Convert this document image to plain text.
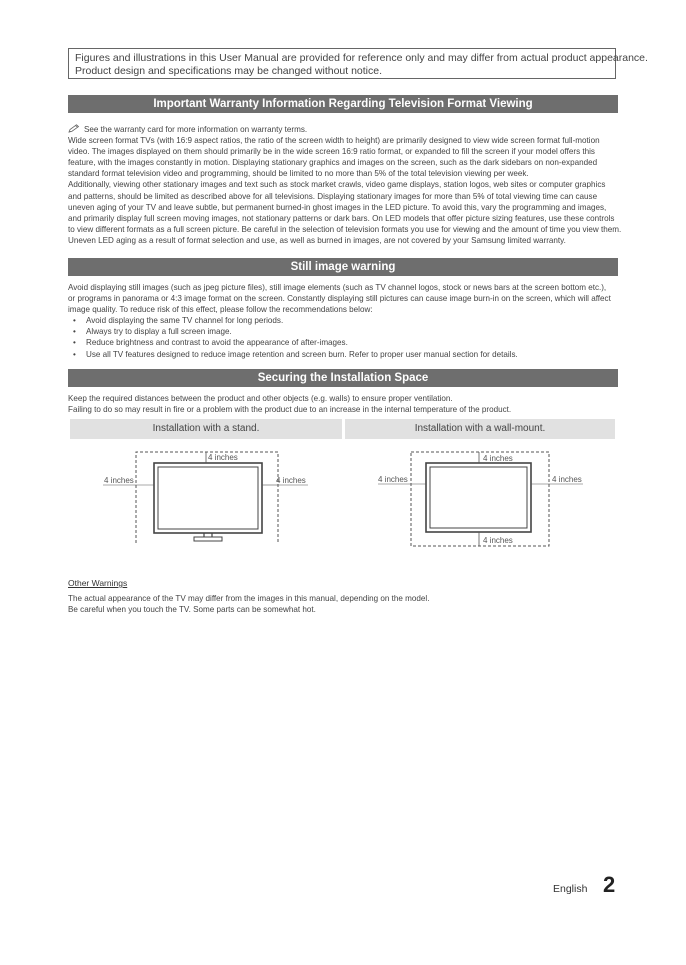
Figures and illustrations in this User Manual are provided for reference only and may differ from actual product appearance.
Product design and specifications may be changed without notice.
Important Warranty Information Regarding Television Format Viewing
See the warranty card for more information on warranty terms.
Wide screen format TVs (with 16:9 aspect ratios, the ratio of the screen width to height) are primarily designed to view wide screen format full-motion
video. The images displayed on them should primarily be in the wide screen 16:9 ratio format, or expanded to fill the screen if your model offers this
feature, with the images constantly in motion. Displaying stationary graphics and images on the screen, such as the dark sidebars on non-expanded
standard format television video and programming, should be limited to no more than 5% of the total television viewing per week.
Additionally, viewing other stationary images and text such as stock market crawls, video game displays, station logos, web sites or computer graphics
and patterns, should be limited as described above for all televisions. Displaying stationary images for more than 5% of total viewing time can cause
uneven aging of your TV and leave subtle, but permanent burned-in ghost images in the LED picture. To avoid this, vary the programming and images,
and primarily display full screen moving images, not stationary patterns or dark bars. On LED models that offer picture sizing features, use these controls
to view different formats as a full screen picture. Be careful in the selection of television formats you use for viewing and the amount of time you view them.
Uneven LED aging as a result of format selection and use, as well as burned in images, are not covered by your Samsung limited warranty.
Still image warning
Avoid displaying still images (such as jpeg picture files), still image elements (such as TV channel logos, stock or news bars at the screen bottom etc.),
or programs in panorama or 4:3 image format on the screen. Constantly displaying still pictures can cause image burn-in on the screen, which will affect
image quality. To reduce risk of this effect, please follow the recommendations below:
• Avoid displaying the same TV channel for long periods.
• Always try to display a full screen image.
• Reduce brightness and contrast to avoid the appearance of after-images.
• Use all TV features designed to reduce image retention and screen burn. Refer to proper user manual section for details.
Securing the Installation Space
Keep the required distances between the product and other objects (e.g. walls) to ensure proper ventilation.
Failing to do so may result in fire or a problem with the product due to an increase in the internal temperature of the product.
Installation with a stand.	Installation with a wall-mount.
4 inches
4 inches	4 inches
4 inches
4 inches	4 inches
4 inches
Other Warnings
The actual appearance of the TV may differ from the images in this manual, depending on the model.
Be careful when you touch the TV. Some parts can be somewhat hot.
English 2
